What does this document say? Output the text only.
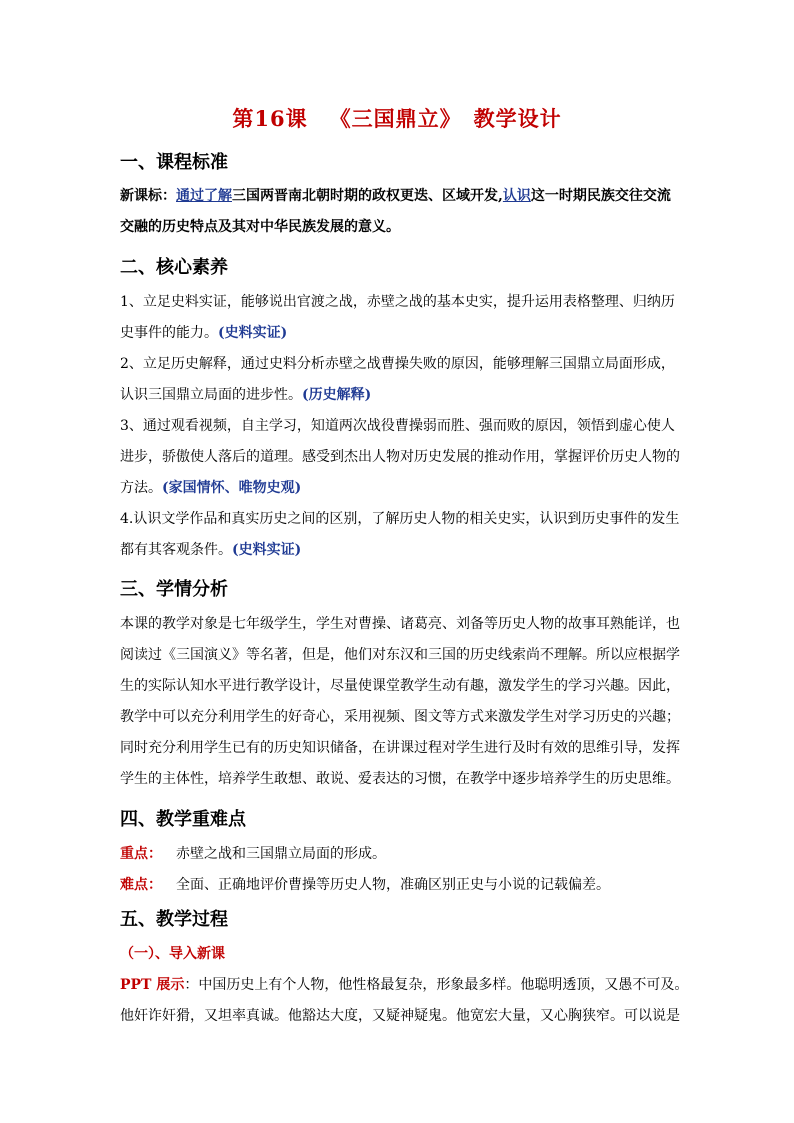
第16课 《三国鼎立》 教学设计
一、课程标准
新课标：通过了解三国两晋南北朝时期的政权更迭、区域开发,认识这一时期民族交往交流
交融的历史特点及其对中华民族发展的意义。
二、核心素养
1、立足史料实证，能够说出官渡之战，赤壁之战的基本史实，提升运用表格整理、归纳历
史事件的能力。(史料实证)
2、立足历史解释，通过史料分析赤壁之战曹操失败的原因，能够理解三国鼎立局面形成，
认识三国鼎立局面的进步性。(历史解释)
3、通过观看视频，自主学习，知道两次战役曹操弱而胜、强而败的原因，领悟到虚心使人
进步，骄傲使人落后的道理。感受到杰出人物对历史发展的推动作用，掌握评价历史人物的
方法。(家国情怀、唯物史观)
4.认识文学作品和真实历史之间的区别，了解历史人物的相关史实，认识到历史事件的发生
都有其客观条件。(史料实证)
三、学情分析
本课的教学对象是七年级学生，学生对曹操、诸葛亮、刘备等历史人物的故事耳熟能详，也
阅读过《三国演义》等名著，但是，他们对东汉和三国的历史线索尚不理解。所以应根据学
生的实际认知水平进行教学设计，尽量使课堂教学生动有趣，激发学生的学习兴趣。因此，
教学中可以充分利用学生的好奇心，采用视频、图文等方式来激发学生对学习历史的兴趣；
同时充分利用学生已有的历史知识储备，在讲课过程对学生进行及时有效的思维引导，发挥
学生的主体性，培养学生敢想、敢说、爱表达的习惯，在教学中逐步培养学生的历史思维。
四、教学重难点
重点： 赤壁之战和三国鼎立局面的形成。
难点： 全面、正确地评价曹操等历史人物，准确区别正史与小说的记载偏差。
五、教学过程
（一）、导入新课
PPT 展示：中国历史上有个人物，他性格最复杂，形象最多样。他聪明透顶，又愚不可及。
他奸诈奸猾，又坦率真诚。他豁达大度，又疑神疑鬼。他宽宏大量，又心胸狭窄。可以说是
